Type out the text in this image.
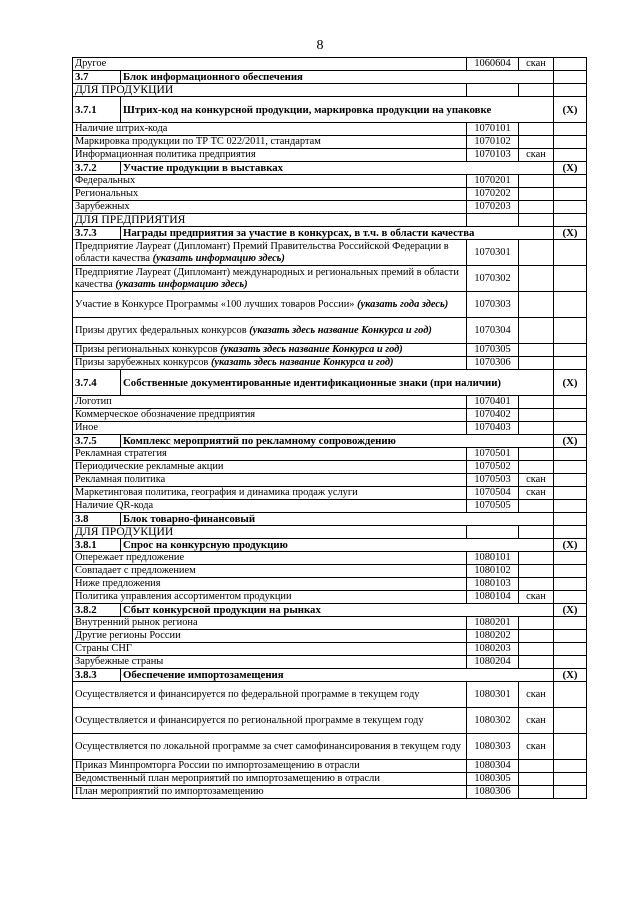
8
Другое		1060604	скан	
3.7	Блок информационного обеспечения			
ДЛЯ ПРОДУКЦИИ				
3.7.1	Штрих-код на конкурсной продукции, маркировка продукции на упаковке			(Х)
Наличие штрих-кода		1070101		
Маркировка продукции по ТР ТС 022/2011, стандартам		1070102		
Информационная политика предприятия		1070103	скан	
3.7.2	Участие продукции в выставках			(Х)
Федеральных		1070201		
Региональных		1070202		
Зарубежных		1070203		
ДЛЯ ПРЕДПРИЯТИЯ				
3.7.3	Награды предприятия за участие в конкурсах, в т.ч. в области качества			(Х)
Предприятие Лауреат (Дипломант) Премий Правительства Российской Федерации в области качества (указать информацию здесь)		1070301		
Предприятие Лауреат (Дипломант) международных и региональных премий в области качества (указать информацию здесь)		1070302		
Участие в Конкурсе Программы «100 лучших товаров России» (указать года здесь)		1070303		
Призы других федеральных конкурсов (указать здесь название Конкурса и год)		1070304		
Призы региональных конкурсов (указать здесь название Конкурса и год)		1070305		
Призы зарубежных конкурсов (указать здесь название Конкурса и год)		1070306		
3.7.4	Собственные документированные идентификационные знаки (при наличии)			(Х)
Логотип		1070401		
Коммерческое обозначение предприятия		1070402		
Иное		1070403		
3.7.5	Комплекс мероприятий по рекламному сопровождению			(Х)
Рекламная стратегия		1070501		
Периодические рекламные акции		1070502		
Рекламная политика		1070503	скан	
Маркетинговая политика, география и динамика продаж услуги		1070504	скан	
Наличие QR-кода		1070505		
3.8	Блок товарно-финансовый			
ДЛЯ ПРОДУКЦИИ				
3.8.1	Спрос на конкурсную продукцию			(Х)
Опережает предложение		1080101		
Совпадает с предложением		1080102		
Ниже предложения		1080103		
Политика управления ассортиментом продукции		1080104	скан	
3.8.2	Сбыт конкурсной продукции на рынках			(Х)
Внутренний рынок региона		1080201		
Другие регионы России		1080202		
Страны СНГ		1080203		
Зарубежные страны		1080204		
3.8.3	Обеспечение импортозамещения			(Х)
Осуществляется и финансируется по федеральной программе в текущем году		1080301	скан	
Осуществляется и финансируется по региональной программе в текущем году		1080302	скан	
Осуществляется по локальной программе за счет самофинансирования в текущем году		1080303	скан	
Приказ Минпромторга России по импортозамещению в отрасли		1080304		
Ведомственный план мероприятий по импортозамещению в отрасли		1080305		
План мероприятий по импортозамещению		1080306		
